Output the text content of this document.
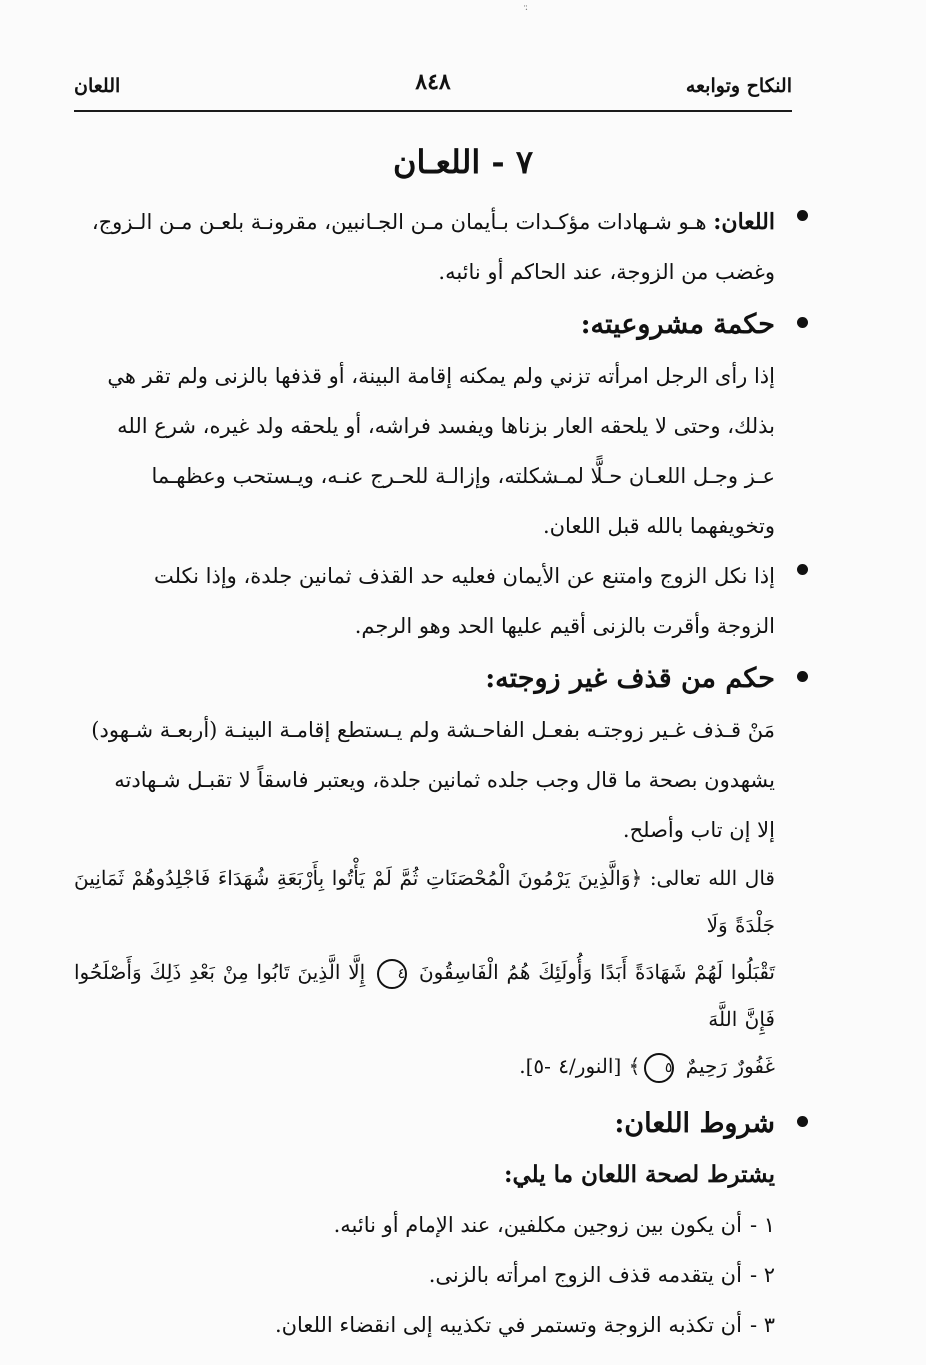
·̈
النكاح وتوابعه
٨٤٨
اللعان
٧ - اللعـان
اللعان: هـو شـهادات مؤكـدات بـأيمان مـن الجـانبين، مقرونـة بلعـن مـن الـزوج،
وغضب من الزوجة، عند الحاكم أو نائبه.
حكمة مشروعيته:
إذا رأى الرجل امرأته تزني ولم يمكنه إقامة البينة، أو قذفها بالزنى ولم تقر هي
بذلك، وحتى لا يلحقه العار بزناها ويفسد فراشه، أو يلحقه ولد غيره، شرع الله
عـز وجـل اللعـان حـلًّا لمـشكلته، وإزالـة للحـرج عنـه، ويـستحب وعظهـما
وتخويفهما بالله قبل اللعان.
إذا نكل الزوج وامتنع عن الأيمان فعليه حد القذف ثمانين جلدة، وإذا نكلت
الزوجة وأقرت بالزنى أقيم عليها الحد وهو الرجم.
حكم من قذف غير زوجته:
مَنْ قـذف غـير زوجتـه بفعـل الفاحـشة ولم يـستطع إقامـة البينـة (أربعـة شـهود)
يشهدون بصحة ما قال وجب جلده ثمانين جلدة، ويعتبر فاسقاً لا تقبـل شـهادته
إلا إن تاب وأصلح.
قال الله تعالى: ﴿وَالَّذِينَ يَرْمُونَ الْمُحْصَنَاتِ ثُمَّ لَمْ يَأْتُوا بِأَرْبَعَةِ شُهَدَاءَ فَاجْلِدُوهُمْ ثَمَانِينَ جَلْدَةً وَلَا
تَقْبَلُوا لَهُمْ شَهَادَةً أَبَدًا وَأُولَئِكَ هُمُ الْفَاسِقُونَ ٤ إِلَّا الَّذِينَ تَابُوا مِنْ بَعْدِ ذَلِكَ وَأَصْلَحُوا فَإِنَّ اللَّهَ
غَفُورٌ رَحِيمٌ ٥﴾ [النور/٤ -٥].
شروط اللعان:
يشترط لصحة اللعان ما يلي:
١ -أن يكون بين زوجين مكلفين، عند الإمام أو نائبه.
٢ -أن يتقدمه قذف الزوج امرأته بالزنى.
٣ -أن تكذبه الزوجة وتستمر في تكذيبه إلى انقضاء اللعان.
